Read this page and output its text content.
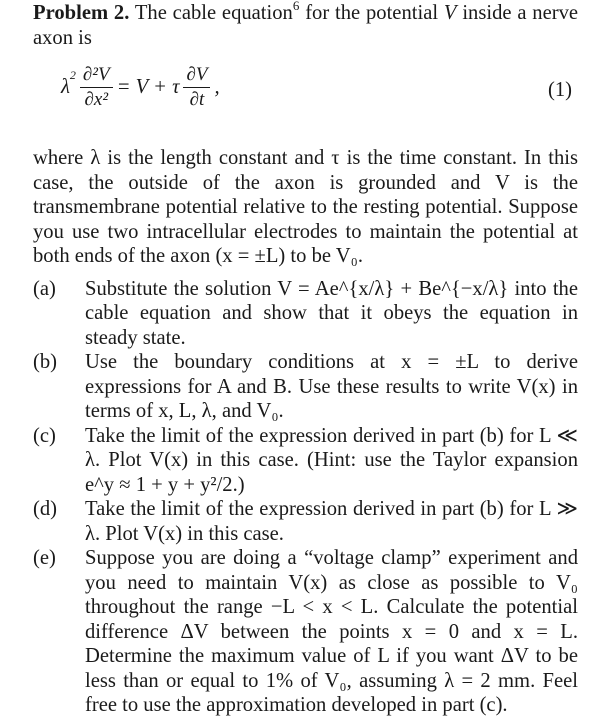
Problem 2. The cable equation$^6$ for the potential V inside a nerve axon is

λ
$2 \frac{\text{∂²V}}{\text{∂x²}} = V + \tau \frac{\partial V}{\partial t}$ ,	(1)

where λ is the length constant and τ is the time constant. In this case, the outside of the axon is grounded and V is the transmembrane potential relative to the resting potential. Suppose you use two intracellular electrodes to maintain the potential at both ends of the axon (x = ±L) to be V₀.

(a)	Substitute the solution V = Ae^{x/λ} + Be^{−x/λ} into the cable equation and show that it obeys the equation in steady state.
(b)	Use the boundary conditions at x = ±L to derive expressions for A and B. Use these results to write V(x) in terms of x, L, λ, and V₀.
(c)	Take the limit of the expression derived in part (b) for L ≪ λ. Plot V(x) in this case. (Hint: use the Taylor expansion e^y ≈ 1 + y + y²/2.)
(d)	Take the limit of the expression derived in part (b) for L ≫ λ. Plot V(x) in this case.
(e)	Suppose you are doing a “voltage clamp” experiment and you need to maintain V(x) as close as possible to V₀ throughout the range −L < x < L. Calculate the potential difference ΔV between the points x = 0 and x = L. Determine the maximum value of L if you want ΔV to be less than or equal to 1% of V₀, assuming λ = 2 mm. Feel free to use the approximation developed in part (c).
